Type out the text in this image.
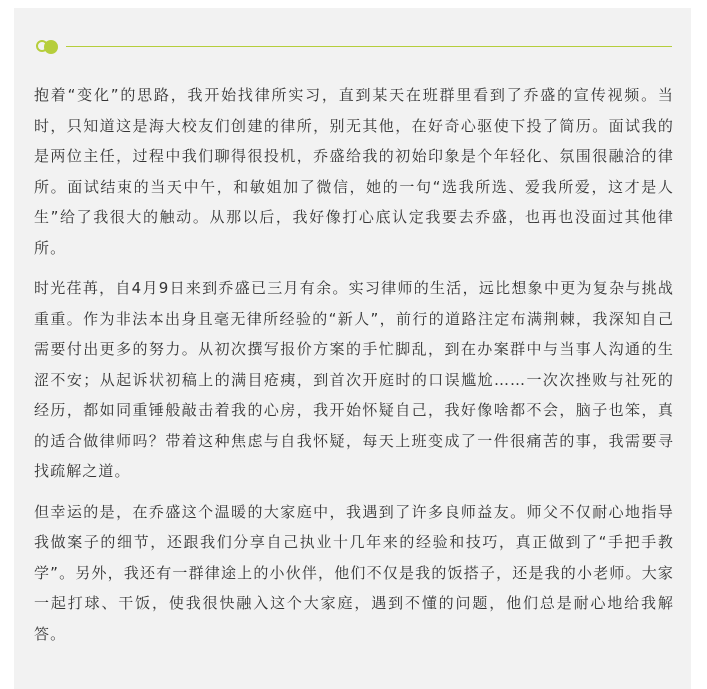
抱着“变化”的思路，我开始找律所实习，直到某天在班群里看到了乔盛的宣传视频。当时，只知道这是海大校友们创建的律所，别无其他，在好奇心驱使下投了简历。面试我的是两位主任，过程中我们聊得很投机，乔盛给我的初始印象是个年轻化、氛围很融洽的律所。面试结束的当天中午，和敏姐加了微信，她的一句“选我所选、爱我所爱，这才是人生”给了我很大的触动。从那以后，我好像打心底认定我要去乔盛，也再也没面过其他律所。

时光荏苒，自4月9日来到乔盛已三月有余。实习律师的生活，远比想象中更为复杂与挑战重重。作为非法本出身且毫无律所经验的“新人”，前行的道路注定布满荆棘，我深知自己需要付出更多的努力。从初次撰写报价方案的手忙脚乱，到在办案群中与当事人沟通的生涩不安；从起诉状初稿上的满目疮痍，到首次开庭时的口误尴尬……一次次挫败与社死的经历，都如同重锤般敲击着我的心房，我开始怀疑自己，我好像啥都不会，脑子也笨，真的适合做律师吗？带着这种焦虑与自我怀疑，每天上班变成了一件很痛苦的事，我需要寻找疏解之道。

但幸运的是，在乔盛这个温暖的大家庭中，我遇到了许多良师益友。师父不仅耐心地指导我做案子的细节，还跟我们分享自己执业十几年来的经验和技巧，真正做到了“手把手教学”。另外，我还有一群律途上的小伙伴，他们不仅是我的饭搭子，还是我的小老师。大家一起打球、干饭，使我很快融入这个大家庭，遇到不懂的问题，他们总是耐心地给我解答。
